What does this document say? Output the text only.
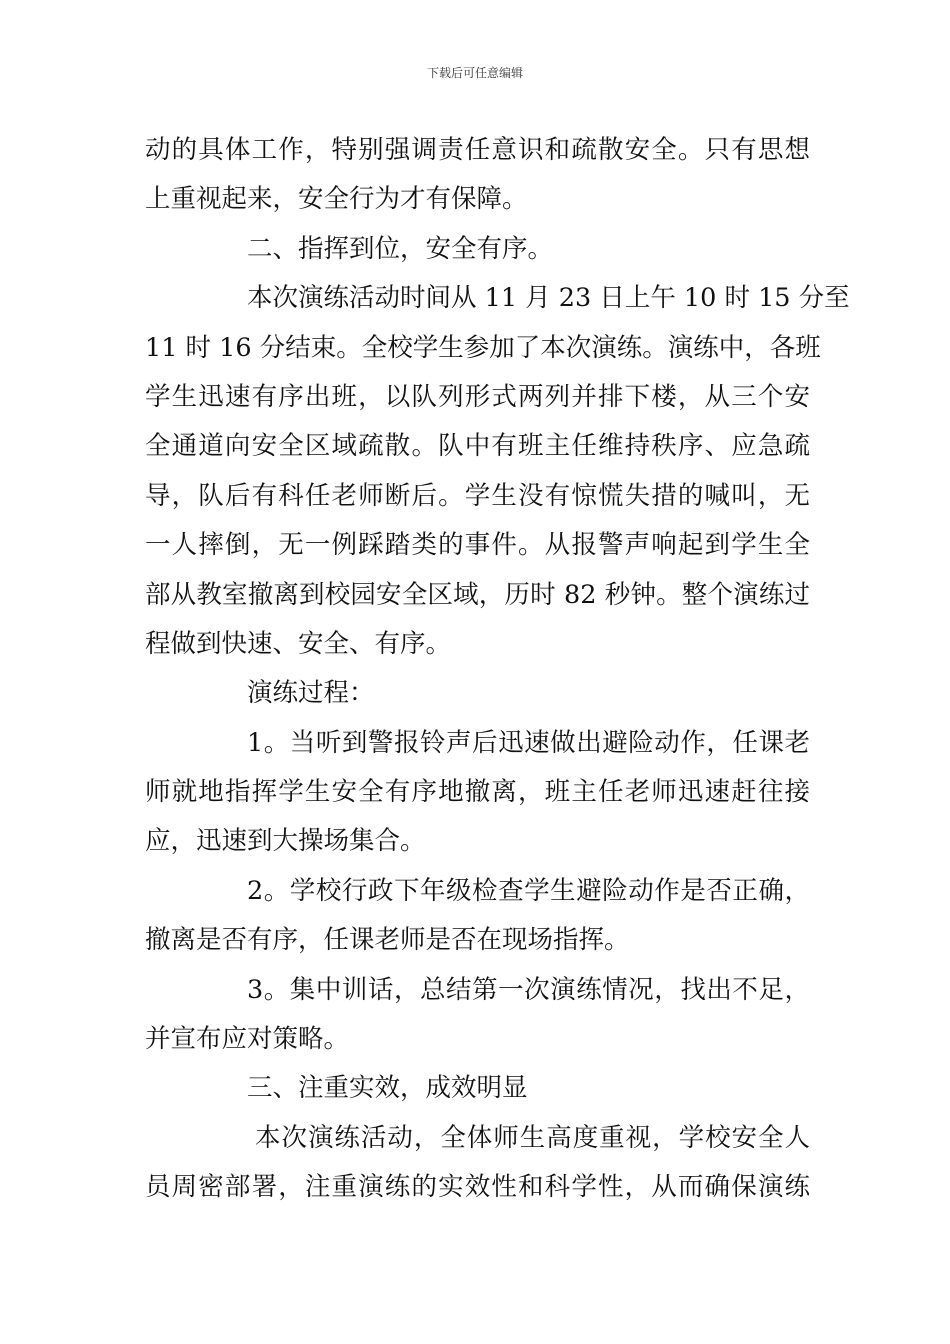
下载后可任意编辑
动的具体工作，特别强调责任意识和疏散安全。只有思想
上重视起来，安全行为才有保障。
二、指挥到位，安全有序。
本次演练活动时间从 11 月 23 日上午 10 时 15 分至
11 时 16 分结束。全校学生参加了本次演练。演练中，各班
学生迅速有序出班，以队列形式两列并排下楼，从三个安
全通道向安全区域疏散。队中有班主任维持秩序、应急疏
导，队后有科任老师断后。学生没有惊慌失措的喊叫，无
一人摔倒，无一例踩踏类的事件。从报警声响起到学生全
部从教室撤离到校园安全区域，历时 82 秒钟。整个演练过
程做到快速、安全、有序。
演练过程：
1。当听到警报铃声后迅速做出避险动作，任课老
师就地指挥学生安全有序地撤离，班主任老师迅速赶往接
应，迅速到大操场集合。
2。学校行政下年级检查学生避险动作是否正确，
撤离是否有序，任课老师是否在现场指挥。
3。集中训话，总结第一次演练情况，找出不足，
并宣布应对策略。
三、注重实效，成效明显
本次演练活动，全体师生高度重视，学校安全人
员周密部署，注重演练的实效性和科学性，从而确保演练
